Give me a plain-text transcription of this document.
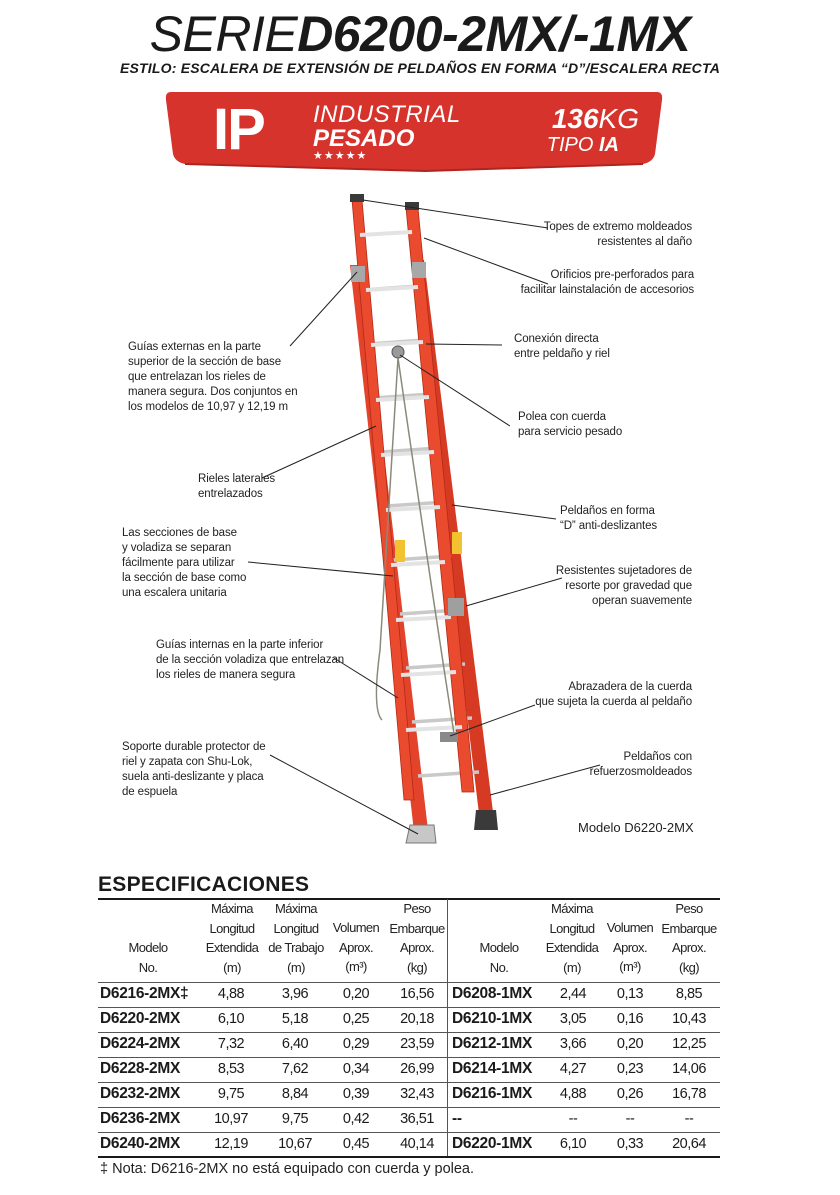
SERIED6200-2MX/-1MX
ESTILO: ESCALERA DE EXTENSIÓN DE PELDAÑOS EN FORMA “D”/ESCALERA RECTA
IP INDUSTRIAL
PESADO
★★★★★
136KG
TIPO IA
Topes de extremo moldeados
resistentes al daño
Orificios pre-perforados para
facilitar lainstalación de accesorios
Guías externas en la parte
superior de la sección de base
que entrelazan los rieles de
manera segura. Dos conjuntos en
los modelos de 10,97 y 12,19 m
Conexión directa
entre peldaño y riel
Polea con cuerda
para servicio pesado
Rieles laterales
entrelazados
Peldaños en forma
“D” anti-deslizantes
Las secciones de base
y voladiza se separan
fácilmente para utilizar
la sección de base como
una escalera unitaria
Resistentes sujetadores de
resorte por gravedad que
operan suavemente
Guías internas en la parte inferior
de la sección voladiza que entrelazan
los rieles de manera segura
Abrazadera de la cuerda
que sujeta la cuerda al peldaño
Soporte durable protector de
riel y zapata con Shu-Lok,
suela anti-deslizante y placa
de espuela
Peldaños con
refuerzosmoldeados
Modelo D6220-2MX
ESPECIFICACIONES
Modelo
No.
Máxima
Longitud
Extendida
(m)
Máxima
Longitud
de Trabajo
(m)
Volumen
Aprox.
(m³)
Peso
Embarque
Aprox.
(kg)
Modelo
No.
Máxima
Longitud
Extendida
(m)
Volumen
Aprox.
(m³)
Peso
Embarque
Aprox.
(kg)
D6216-2MX‡	4,88	3,96	0,20	16,56	D6208-1MX	2,44	0,13	8,85
D6220-2MX	6,10	5,18	0,25	20,18	D6210-1MX	3,05	0,16	10,43
D6224-2MX	7,32	6,40	0,29	23,59	D6212-1MX	3,66	0,20	12,25
D6228-2MX	8,53	7,62	0,34	26,99	D6214-1MX	4,27	0,23	14,06
D6232-2MX	9,75	8,84	0,39	32,43	D6216-1MX	4,88	0,26	16,78
D6236-2MX	10,97	9,75	0,42	36,51	--	--	--	--
D6240-2MX	12,19	10,67	0,45	40,14	D6220-1MX	6,10	0,33	20,64
‡ Nota: D6216-2MX no está equipado con cuerda y polea.
